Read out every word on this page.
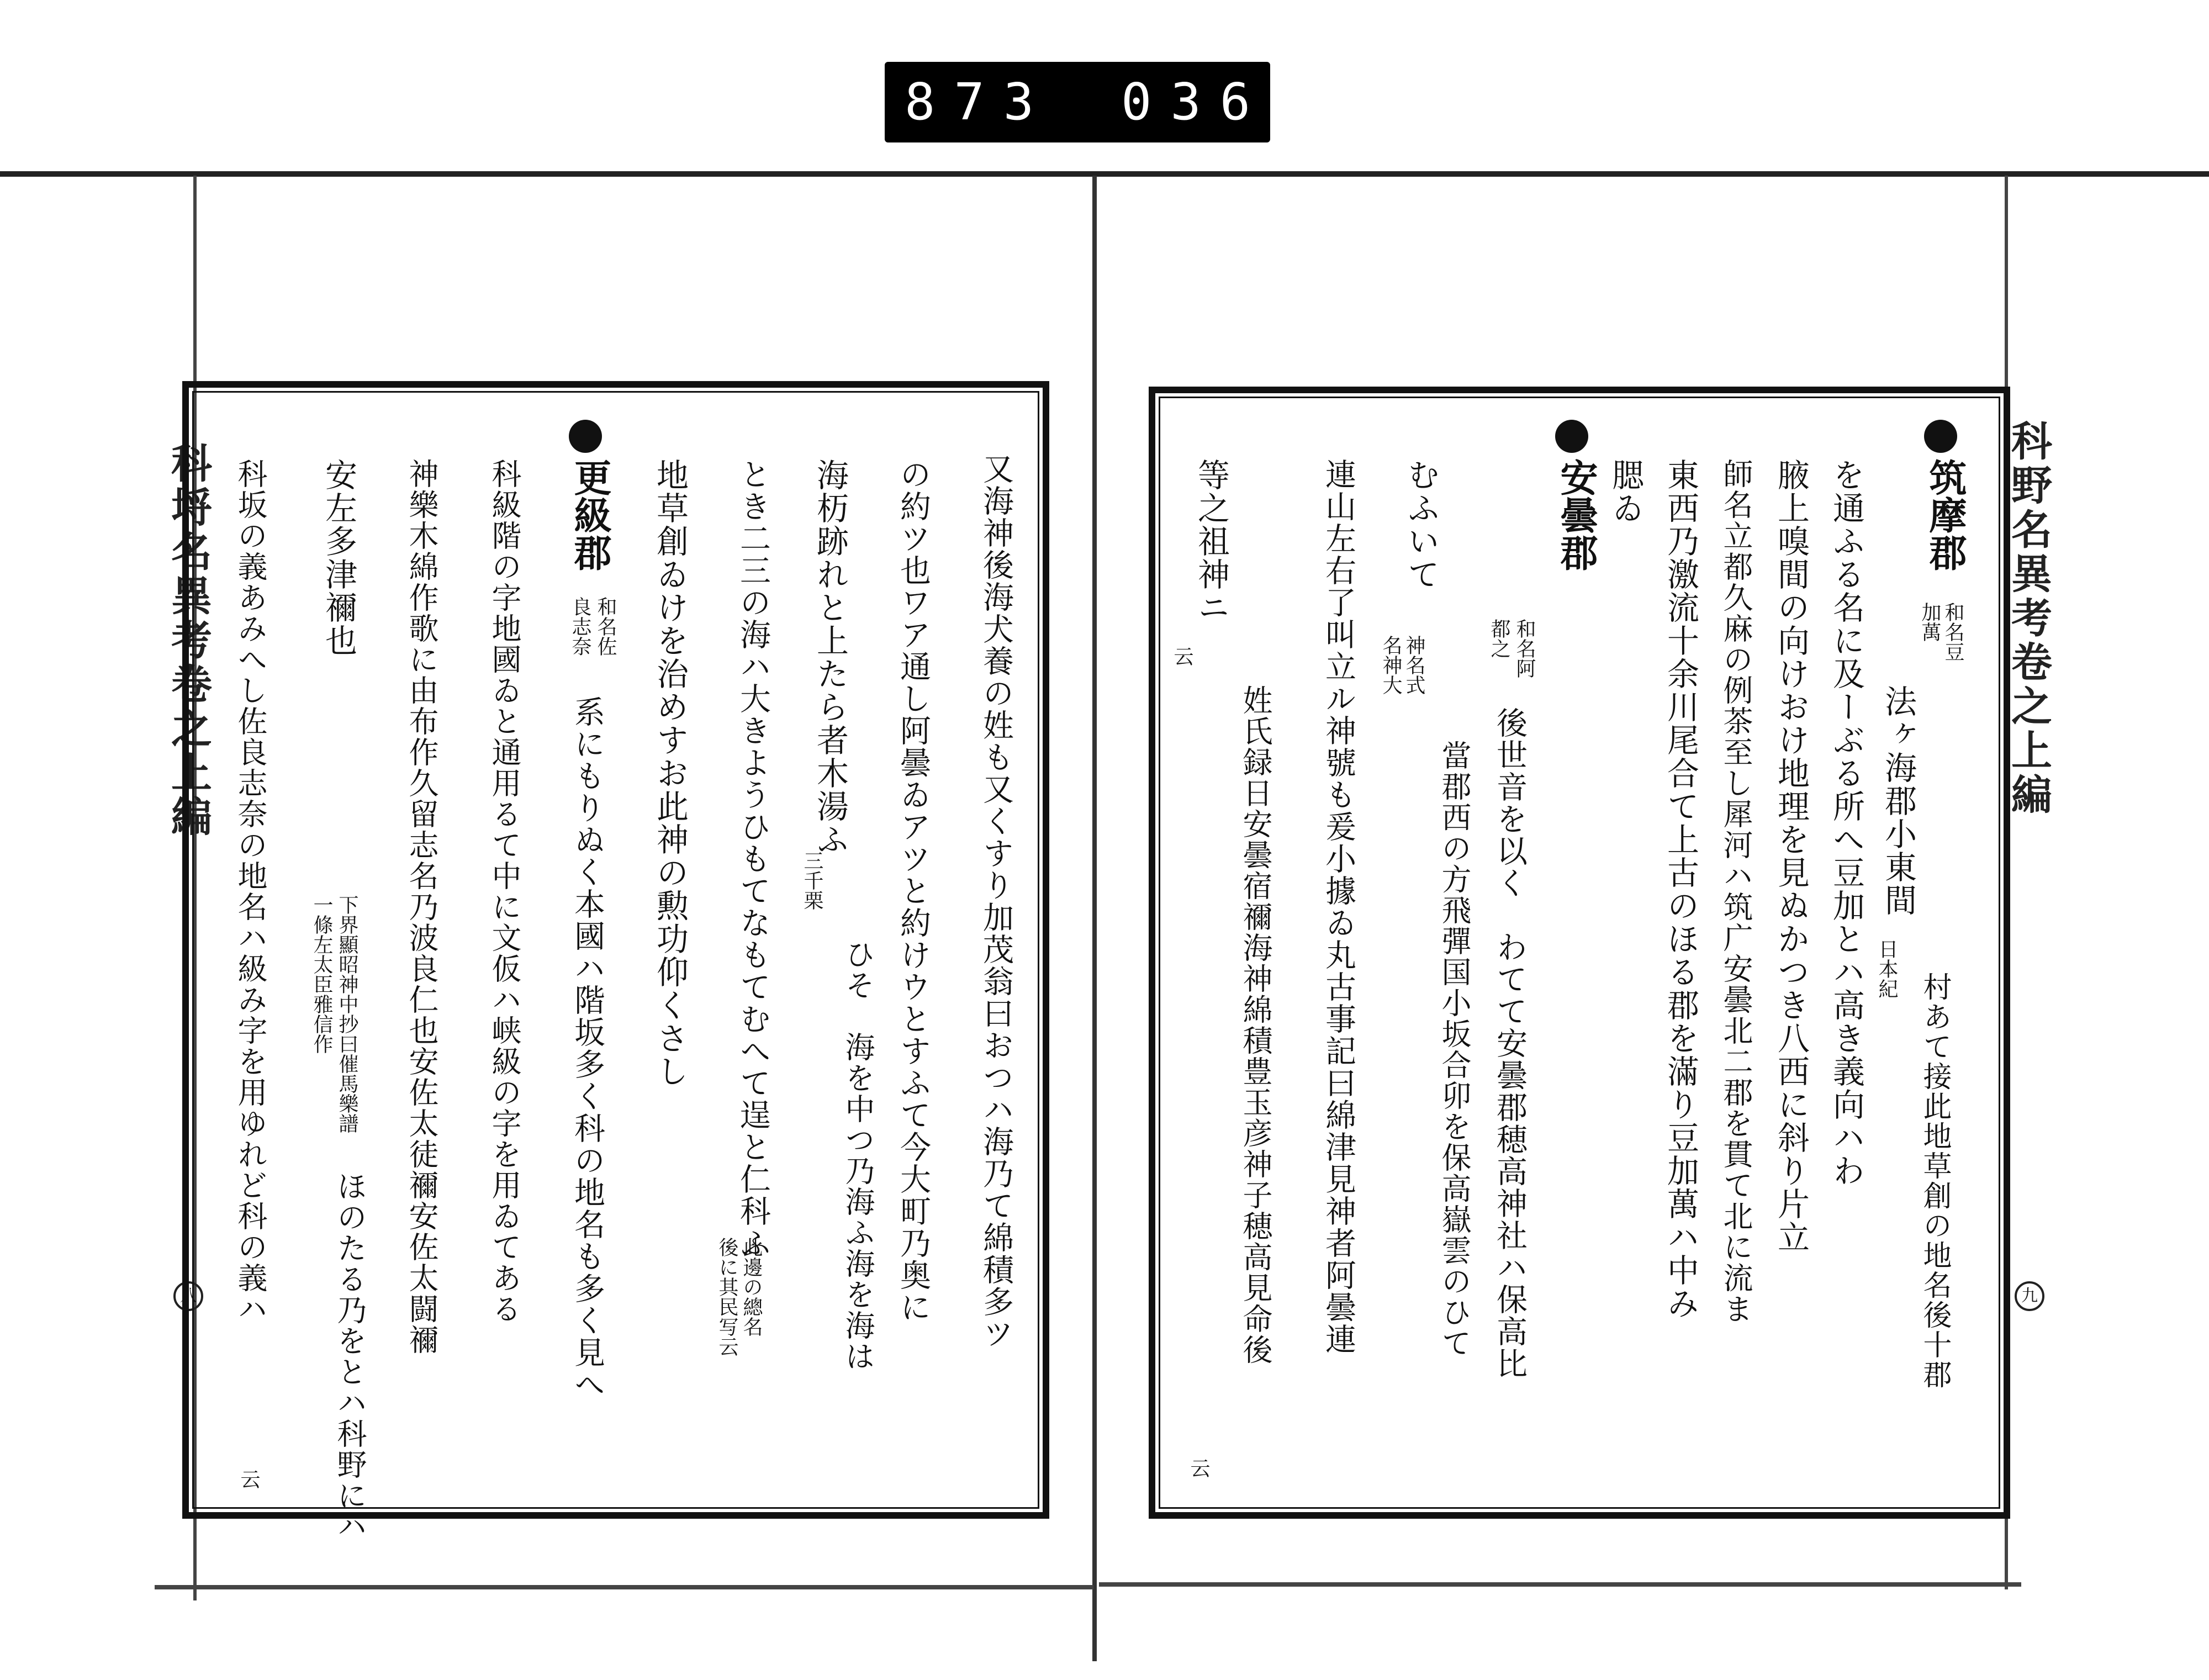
873 036.
科埒名異考卷之上編	科野名異考卷之上編
八	九
筑摩郡
和名豆
加萬
法ヶ海郡小東間
日本紀
村あて接此地草創の地名後十郡
を通ふる名に及ーぶる所へ豆加とハ高き義向ハわ
腋上嗅間の向けおけ地理を見ぬかつき八西に斜り片立
師名立都久麻の例茶至し犀河ハ筑广安曇北二郡を貫て北に流ま
東西乃激流十余川尾合て上古のほる郡を滿り豆加萬ハ中み
腮ゐ
安曇郡
和名阿
都之
後世音を以く　わてて安曇郡穂高神社ハ保高比
むふいて
神名式
名神大
當郡西の方飛彈国小坂合卯を保高嶽雲のひて
連山左右了叫立ル神號も爰小據ゐ丸古事記曰綿津見神者阿曇連
等之祖神ニ
云
姓氏録日安曇宿禰海神綿積豊玉彦神子穂高見命後
云
又海神後海犬養の姓も又くすり加茂翁曰おつハ海乃て綿積多ツ
の約ツ也ワア通し阿曇ゐアツと約けウとすふて今大町乃奥に
海杤跡れと上たら者木湯ふ
三千栗
ひそ　海を中つ乃海ふ海を海は
とき二三の海ハ大きようひもてなもてむへて逞と仁科ふ
此邊の總名
後に其民写云
地草創ゐけを治めすお此神の勲功仰くさし
更級郡
和名佐
良志奈
系にもりぬく本國ハ階坂多く科の地名も多く見へ
科級階の字地國ゐと通用るて中に文仮ハ峡級の字を用ゐてある
神樂木綿作歌に由布作久留志名乃波良仁也安佐太徒禰安佐太闘禰
安左多津禰也
下界顯昭神中抄曰催馬樂譜
一條左太臣雅信作
ほのたる乃をとハ科野にハ
科坂の義あみへし佐良志奈の地名ハ級み字を用ゆれど科の義ハ
云
